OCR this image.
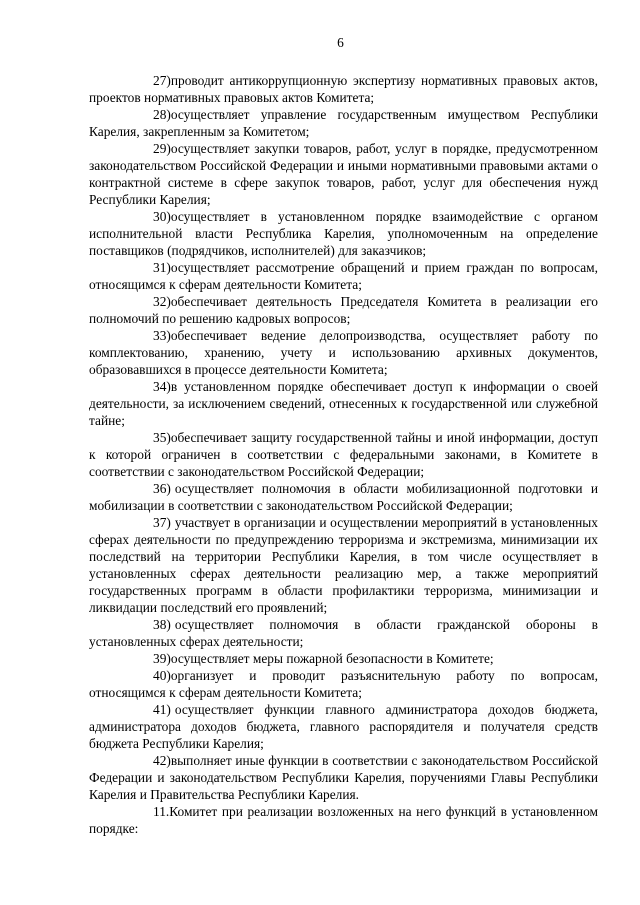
6

27)проводит антикоррупционную экспертизу нормативных правовых актов, проектов нормативных правовых актов Комитета;

28)осуществляет управление государственным имуществом Республики Карелия, закрепленным за Комитетом;

29)осуществляет закупки товаров, работ, услуг в порядке, предусмотренном законодательством Российской Федерации и иными нормативными правовыми актами о контрактной системе в сфере закупок товаров, работ, услуг для обеспечения нужд Республики Карелия;

30)осуществляет в установленном порядке взаимодействие с органом исполнительной власти Республика Карелия, уполномоченным на определение поставщиков (подрядчиков, исполнителей) для заказчиков;

31)осуществляет рассмотрение обращений и прием граждан по вопросам, относящимся к сферам деятельности Комитета;

32)обеспечивает деятельность Председателя Комитета в реализации его полномочий по решению кадровых вопросов;

33)обеспечивает ведение делопроизводства, осуществляет работу по комплектованию, хранению, учету и использованию архивных документов, образовавшихся в процессе деятельности Комитета;

34)в установленном порядке обеспечивает доступ к информации о своей деятельности, за исключением сведений, отнесенных к государственной или служебной тайне;

35)обеспечивает защиту государственной тайны и иной информации, доступ к которой ограничен в соответствии с федеральными законами, в Комитете в соответствии с законодательством Российской Федерации;

36) осуществляет полномочия в области мобилизационной подготовки и мобилизации в соответствии с законодательством Российской Федерации;

37) участвует в организации и осуществлении мероприятий в установленных сферах деятельности по предупреждению терроризма и экстремизма, минимизации их последствий на территории Республики Карелия, в том числе осуществляет в установленных сферах деятельности реализацию мер, а также мероприятий государственных программ в области профилактики терроризма, минимизации и ликвидации последствий его проявлений;

38) осуществляет полномочия в области гражданской обороны в установленных сферах деятельности;

39)осуществляет меры пожарной безопасности в Комитете;

40)организует и проводит разъяснительную работу по вопросам, относящимся к сферам деятельности Комитета;

41) осуществляет функции главного администратора доходов бюджета, администратора доходов бюджета, главного распорядителя и получателя средств бюджета Республики Карелия;

42)выполняет иные функции в соответствии с законодательством Российской Федерации и законодательством Республики Карелия, поручениями Главы Республики Карелия и Правительства Республики Карелия.

11.Комитет при реализации возложенных на него функций в установленном порядке:
